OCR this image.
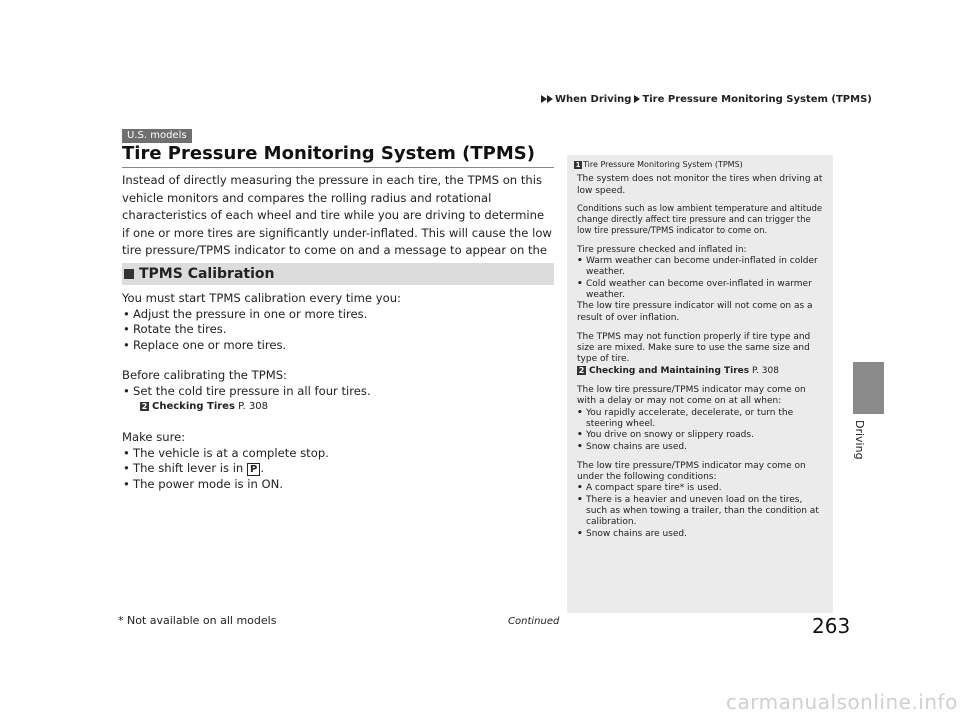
When Driving Tire Pressure Monitoring System (TPMS)
Driving
U.S. models
Tire Pressure Monitoring System (TPMS)

Instead of directly measuring the pressure in each tire, the TPMS on this vehicle monitors and compares the rolling radius and rotational characteristics of each wheel and tire while you are driving to determine if one or more tires are significantly under-inflated. This will cause the low tire pressure/TPMS indicator to come on and a message to appear on the

TPMS Calibration

You must start TPMS calibration every time you:

• Adjust the pressure in one or more tires.
• Rotate the tires.
• Replace one or more tires.

Before calibrating the TPMS:

• Set the cold tire pressure in all four tires.

2 Checking Tires P. 308

Make sure:

• The vehicle is at a complete stop.
• The shift lever is in P .
• The power mode is in ON.
1 Tire Pressure Monitoring System (TPMS)

The system does not monitor the tires when driving at low speed.

Conditions such as low ambient temperature and altitude change directly affect tire pressure and can trigger the low tire pressure/TPMS indicator to come on.

Tire pressure checked and inflated in:

• Warm weather can become under-inflated in colder weather.
• Cold weather can become over-inflated in warmer weather.

The low tire pressure indicator will not come on as a result of over inflation.

The TPMS may not function properly if tire type and size are mixed. Make sure to use the same size and type of tire.

2 Checking and Maintaining Tires P. 308

The low tire pressure/TPMS indicator may come on with a delay or may not come on at all when:

• You rapidly accelerate, decelerate, or turn the steering wheel.
• You drive on snowy or slippery roads.
• Snow chains are used.

The low tire pressure/TPMS indicator may come on under the following conditions:

• A compact spare tire* is used.
• There is a heavier and uneven load on the tires, such as when towing a trailer, than the condition at calibration.
• Snow chains are used.
* Not available on all models	Continued	263
carmanualsonline.info
